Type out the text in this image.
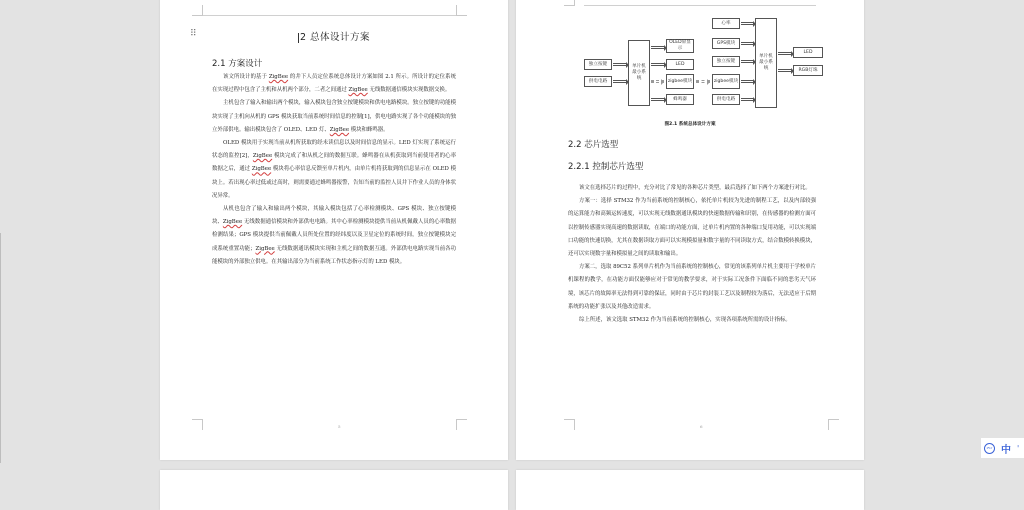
2 总体设计方案
2.1 方案设计

该文所设计的基于 ZigBee 的井下人员定位系统总体设计方案如图 2.1 所示。所设计的定位系统在实现过程中包含了主机和从机两个部分，二者之间通过 ZigBee 无线数据通信模块实现数据交换。

主机包含了输入和输出两个模块，输入模块包含独立按键模块和供电电路模块。独立按键的功能模块实现了主机向从机的 GPS 模块获取当前系统时间信息的控制[1]，供电电路实现了各个功能模块的独立外部供电。输出模块包含了 OLED、LED 灯、ZigBee 模块和蜂鸣器。

OLED 模块用于实现当前从机所获取的经未读信息以及时间信息的显示。LED 灯实现了系统运行状态的监控[2]，ZigBee 模块完成了和从机之间的数据互联。蜂鸣器在从机获取到当前使用者的心率数据之后，通过 ZigBee 模块将心率信息反馈至单片机内，由单片机将获取到的信息显示在 OLED 模块上。若出现心率过低或过高时，则需要通过蜂鸣器报警，告知当前的监控人员井下作业人员的身体状况异常。

从机也包含了输入和输出两个模块，其输入模块包括了心率检测模块、GPS 模块、独立按键模块、ZigBee 无线数据通信模块和外部供电电路。其中心率检测模块提供当前从机佩戴人员的心率数据检测结果；GPS 模块提供当前佩戴人员所处位置的经纬度以及卫星定位的系统时间，独立按键模块完成系统重置功能；ZigBee 无线数据通讯模块实现和主机之间的数据互通。外部供电电路实现当前各功能模块的外部独立供电。在其输出部分为当前系统工作状态指示灯的 LED 模块。

5
⠿
2.2 芯片选型
2.2.1 控制芯片选型

该文在选择芯片的过程中，充分对比了常见的各种芯片类型，最后选择了如下两个方案进行对比。

方案一：选择 STM32 作为当前系统的控制核心，依托单片机较为先进的制程工艺，以及内部较强的运算能力和高频运转速度，可以实现无线数据通讯模块的快速数据传输和识别，在传感器的检测方面可以控制传感器实现高速的数据读取，在端口的功能方面，过单片机内置的各种端口复用功能，可以实现端口功能的快速切换，尤其在数据读取方面可以实现模拟量和数字量的不同读取方式，结合数模转换模块，还可以实现数字量和模拟量之间的读取和输出。

方案二，选取 89C52 系列单片机作为当前系统的控制核心，常见的该系列单片机主要用于学校单片机课程的教学，在功能方面仅能够应对于常见的教学要求，对于实际工况条件下面临不同的恶劣天气环境，该芯片的故障率无法得到可靠的保证，同时由于芯片的封装工艺以及制程较为落后，无法适应于后期系统的功能扩张以及其他改造需求。

综上所述，该文选取 STM32 作为当前系统的控制核心，实现各项系统所需的设计指标。

6
独立按键
供电电路
单片机最小系统
OLED屏显示
LED
zigbee模块
蜂鸣器
心率
GPS模块
独立按键
zigbee模块
供电电路
单片机最小系统
LED
RGB灯珠
图2.1 系统总体设计方案
iFLY 中 '
